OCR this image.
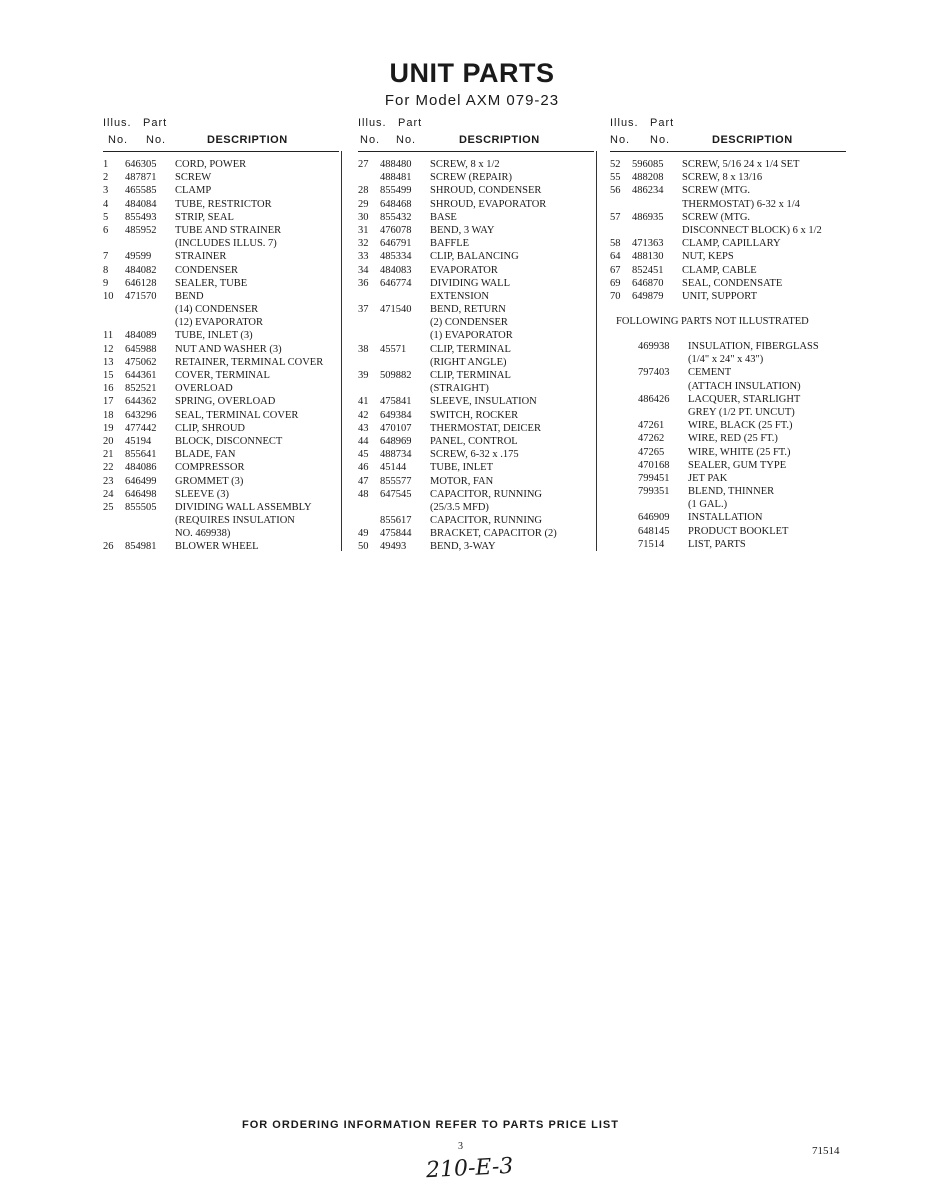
UNIT PARTS
For Model AXM 079-23
Illus. Part
No. No.	DESCRIPTION
1 646305 CORD, POWER
2 487871 SCREW
3 465585 CLAMP
4 484084 TUBE, RESTRICTOR
5 855493 STRIP, SEAL
6 485952 TUBE AND STRAINER
(INCLUDES ILLUS. 7)
7 49599 STRAINER
8 484082 CONDENSER
9 646128 SEALER, TUBE
10 471570 BEND
(14) CONDENSER
(12) EVAPORATOR
11 484089 TUBE, INLET (3)
12 645988 NUT AND WASHER (3)
13 475062 RETAINER, TERMINAL COVER
15 644361 COVER, TERMINAL
16 852521 OVERLOAD
17 644362 SPRING, OVERLOAD
18 643296 SEAL, TERMINAL COVER
19 477442 CLIP, SHROUD
20 45194 BLOCK, DISCONNECT
21 855641 BLADE, FAN
22 484086 COMPRESSOR
23 646499 GROMMET (3)
24 646498 SLEEVE (3)
25 855505 DIVIDING WALL ASSEMBLY
(REQUIRES INSULATION
NO. 469938)
26 854981 BLOWER WHEEL
Illus. Part
No. No.	DESCRIPTION
27 488480 SCREW, 8 x 1/2
488481 SCREW (REPAIR)
28 855499 SHROUD, CONDENSER
29 648468 SHROUD, EVAPORATOR
30 855432 BASE
31 476078 BEND, 3 WAY
32 646791 BAFFLE
33 485334 CLIP, BALANCING
34 484083 EVAPORATOR
36 646774 DIVIDING WALL
EXTENSION
37 471540 BEND, RETURN
(2) CONDENSER
(1) EVAPORATOR
38 45571 CLIP, TERMINAL
(RIGHT ANGLE)
39 509882 CLIP, TERMINAL
(STRAIGHT)
41 475841 SLEEVE, INSULATION
42 649384 SWITCH, ROCKER
43 470107 THERMOSTAT, DEICER
44 648969 PANEL, CONTROL
45 488734 SCREW, 6-32 x .175
46 45144 TUBE, INLET
47 855577 MOTOR, FAN
48 647545 CAPACITOR, RUNNING
(25/3.5 MFD)
855617 CAPACITOR, RUNNING
49 475844 BRACKET, CAPACITOR (2)
50 49493 BEND, 3-WAY
Illus. Part
No. No.	DESCRIPTION
52 596085 SCREW, 5/16 24 x 1/4 SET
55 488208 SCREW, 8 x 13/16
56 486234 SCREW (MTG.
THERMOSTAT) 6-32 x 1/4
57 486935 SCREW (MTG.
DISCONNECT BLOCK) 6 x 1/2
58 471363 CLAMP, CAPILLARY
64 488130 NUT, KEPS
67 852451 CLAMP, CABLE
69 646870 SEAL, CONDENSATE
70 649879 UNIT, SUPPORT
FOLLOWING PARTS NOT ILLUSTRATED
469938 INSULATION, FIBERGLASS
(1/4" x 24" x 43")
797403 CEMENT
(ATTACH INSULATION)
486426 LACQUER, STARLIGHT
GREY (1/2 PT. UNCUT)
47261 WIRE, BLACK (25 FT.)
47262 WIRE, RED (25 FT.)
47265 WIRE, WHITE (25 FT.)
470168 SEALER, GUM TYPE
799451 JET PAK
799351 BLEND, THINNER
(1 GAL.)
646909 INSTALLATION
648145 PRODUCT BOOKLET
71514 LIST, PARTS
FOR ORDERING INFORMATION REFER TO PARTS PRICE LIST
3	71514
210-E-3
